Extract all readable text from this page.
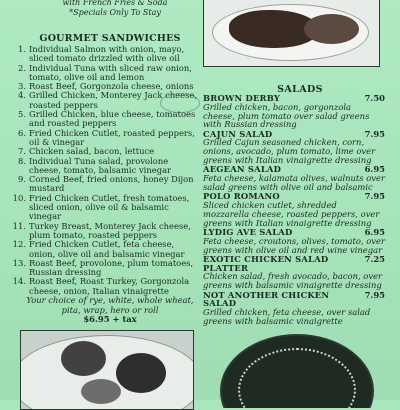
with French Fries & Soda
*Specials Only To Stay
GOURMET SANDWICHES
1. Individual Salmon with onion, mayo, sliced tomato drizzled with olive oil
2. Individual Tuna with sliced raw onion, tomato, olive oil and lemon
3. Roast Beef, Gorgonzola cheese, onions
4. Grilled Chicken, Monterey Jack cheese, roasted peppers
5. Grilled Chicken, blue cheese, tomatoes and roasted peppers
6. Fried Chicken Cutlet, roasted peppers, oil & vinegar
7. Chicken salad, bacon, lettuce
8. Individual Tuna salad, provolone cheese, tomato, balsamic vinegar
9. Corned Beef, fried onions, honey Dijon mustard
10. Fried Chicken Cutlet, fresh tomatoes, sliced onion, olive oil & balsamic vinegar
11. Turkey Breast, Monterey Jack cheese, plum tomato, roasted peppers
12. Fried Chicken Cutlet, feta cheese, onion, olive oil and balsamic vinegar
13. Roast Beef, provolone, plum tomatoes, Russian dressing
14. Roast Beef, Roast Turkey, Gorgonzola cheese, onion, Italian vinaigrette
Your choice of rye, white, whole wheat, pita, wrap, hero or roll
$6.95 + tax
SALADS
BROWN DERBY	7.50
Grilled chicken, bacon, gorgonzola cheese, plum tomato over salad greens with Russian dressing
CAJUN SALAD	7.95
Grilled Cajun seasoned chicken, corn, onions, avocado, plum tomato, lime over greens with Italian vinaigrette dressing
AEGEAN SALAD	6.95
Feta cheese, kalamata olives, walnuts over salad greens with olive oil and balsamic
POLO ROMANO	7.95
Sliced chicken cutlet, shredded mozzarella cheese, roasted peppers, over greens with Italian vinaigrette dressing
LYDIG AVE SALAD	6.95
Feta cheese, croutons, olives, tomato, over greens with olive oil and red wine vinegar
EXOTIC CHICKEN SALAD PLATTER
7.25
Chicken salad, fresh avocado, bacon, over greens with balsamic vinaigrette dressing
NOT ANOTHER CHICKEN SALAD
7.95
Grilled chicken, feta cheese, over salad greens with balsamic vinaigrette
